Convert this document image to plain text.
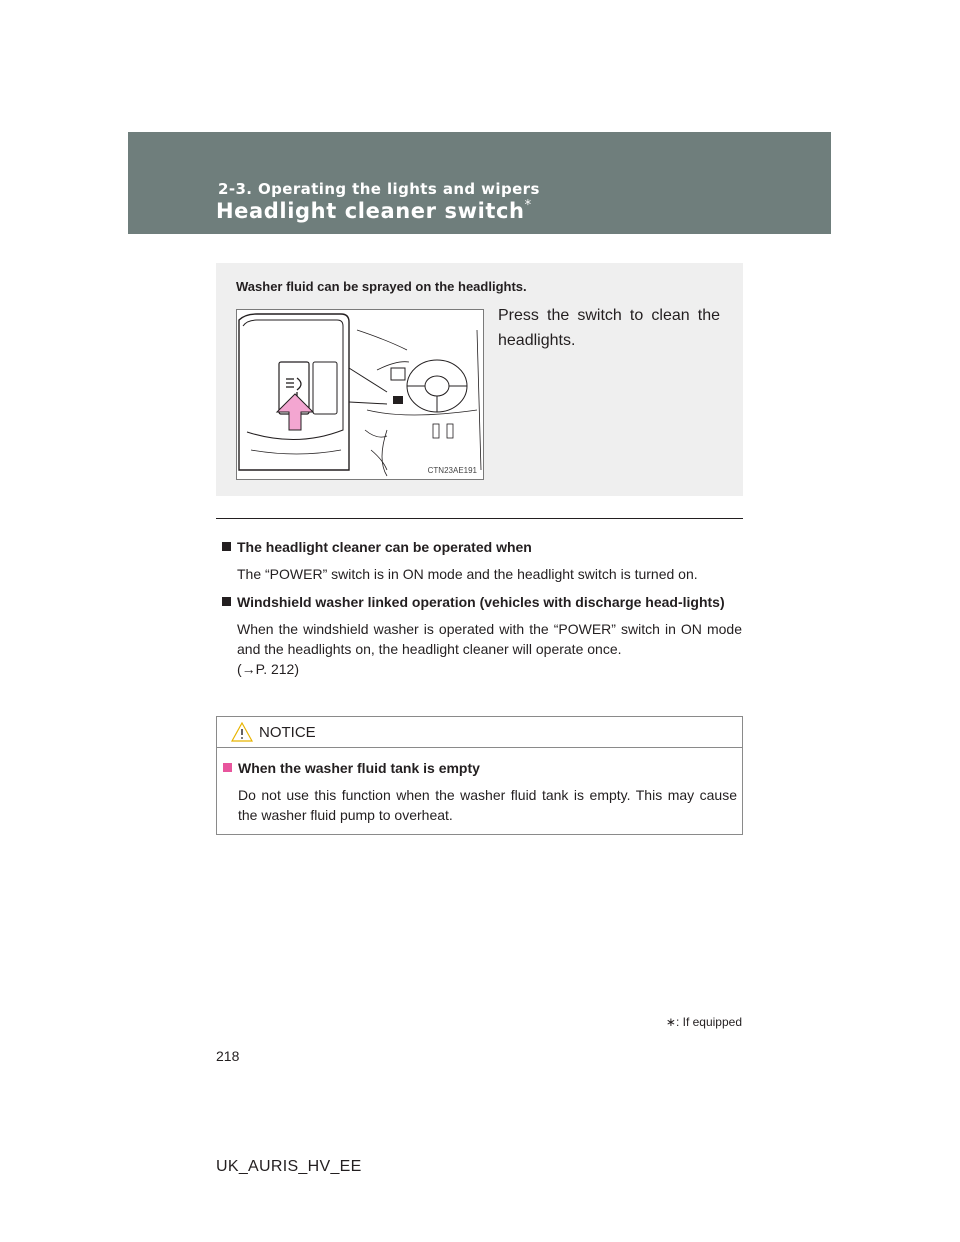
2-3. Operating the lights and wipers
Headlight cleaner switch*
Washer fluid can be sprayed on the headlights.
CTN23AE191
Press the switch to clean the headlights.
The headlight cleaner can be operated when
The “POWER” switch is in ON mode and the headlight switch is turned on.
Windshield washer linked operation (vehicles with discharge head-lights)
When the windshield washer is operated with the “POWER” switch in ON mode and the headlights on, the headlight cleaner will operate once.
(→P. 212)
NOTICE
When the washer fluid tank is empty
Do not use this function when the washer fluid tank is empty. This may cause the washer fluid pump to overheat.
∗: If equipped
218
UK_AURIS_HV_EE
